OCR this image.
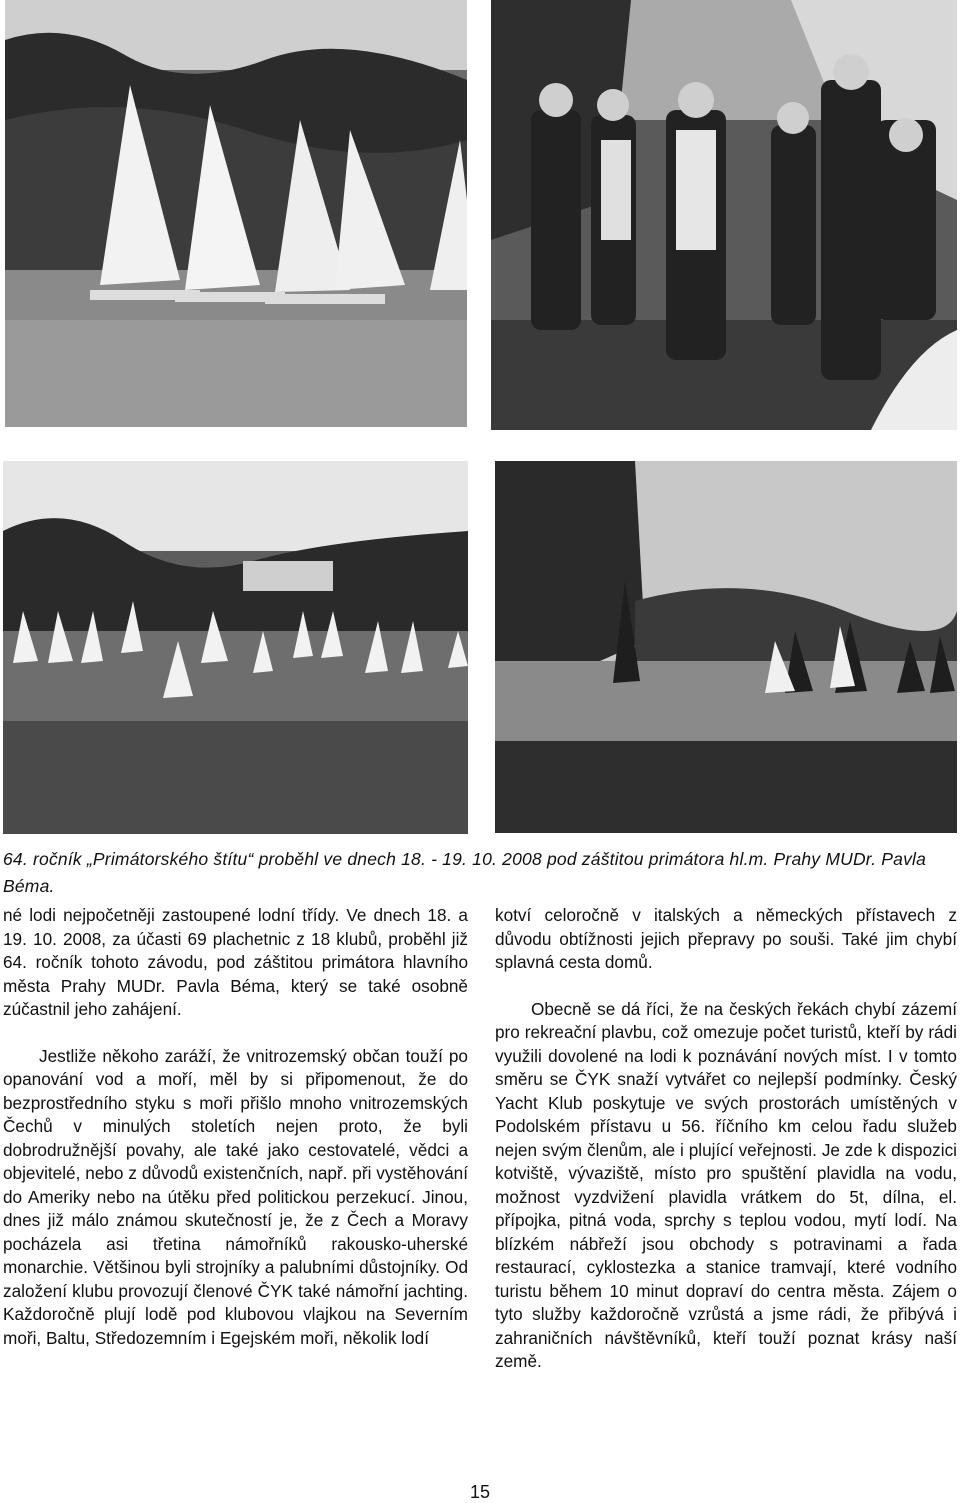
64. ročník „Primátorského štítu“ proběhl ve dnech 18. - 19. 10. 2008 pod záštitou primátora hl.m. Prahy MUDr. Pavla Béma.

né lodi nejpočetněji zastoupené lodní třídy. Ve dnech 18. a 19. 10. 2008, za účasti 69 plachetnic z 18 klubů, proběhl již 64. ročník tohoto závodu, pod záštitou primátora hlavního města Prahy MUDr. Pavla Béma, který se také osobně zúčastnil jeho zahájení.

Jestliže někoho zaráží, že vnitrozemský občan touží po opanování vod a moří, měl by si připomenout, že do bezprostředního styku s moři přišlo mnoho vnitrozemských Čechů v minulých stoletích nejen proto, že byli dobrodružnější povahy, ale také jako cestovatelé, vědci a objevitelé, nebo z důvodů existenčních, např. při vystěhování do Ameriky nebo na útěku před politickou perzekucí. Jinou, dnes již málo známou skutečností je, že z Čech a Moravy pocházela asi třetina námořníků rakousko-uherské monarchie. Většinou byli strojníky a palubními důstojníky. Od založení klubu provozují členové ČYK také námořní jachting. Každoročně plují lodě pod klubovou vlajkou na Severním moři, Baltu, Středozemním i Egejském moři, několik lodí

kotví celoročně v italských a německých přístavech z důvodu obtížnosti jejich přepravy po souši. Také jim chybí splavná cesta domů.

Obecně se dá říci, že na českých řekách chybí zázemí pro rekreační plavbu, což omezuje počet turistů, kteří by rádi využili dovolené na lodi k poznávání nových míst. I v tomto směru se ČYK snaží vytvářet co nejlepší podmínky. Český Yacht Klub poskytuje ve svých prostorách umístěných v Podolském přístavu u 56. říčního km celou řadu služeb nejen svým členům, ale i plující veřejnosti. Je zde k dispozici kotviště, vývaziště, místo pro spuštění plavidla na vodu, možnost vyzdvižení plavidla vrátkem do 5t, dílna, el. přípojka, pitná voda, sprchy s teplou vodou, mytí lodí. Na blízkém nábřeží jsou obchody s potravinami a řada restaurací, cyklostezka a stanice tramvají, které vodního turistu během 10 minut dopraví do centra města. Zájem o tyto služby každoročně vzrůstá a jsme rádi, že přibývá i zahraničních návštěvníků, kteří touží poznat krásy naší země.

15
